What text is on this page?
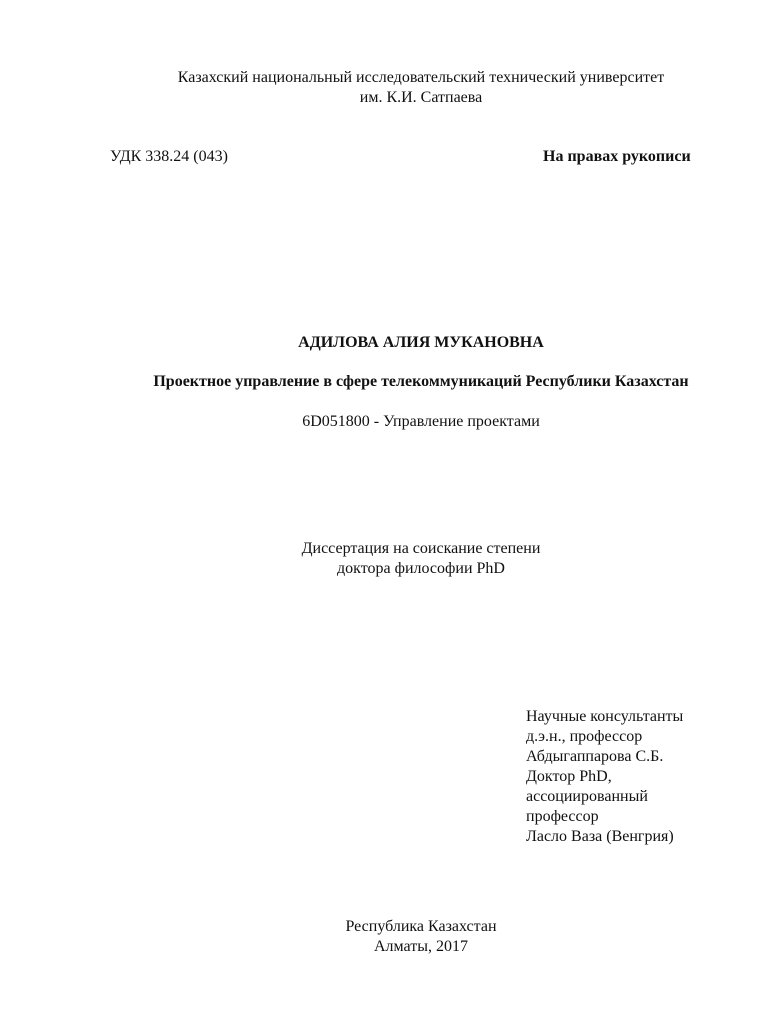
Казахский национальный исследовательский технический университет
им. К.И. Сатпаева
УДК 338.24 (043)	На правах рукописи
АДИЛОВА АЛИЯ МУКАНОВНА
Проектное управление в сфере телекоммуникаций Республики Казахстан
6D051800 - Управление проектами
Диссертация на соискание степени
доктора философии PhD
Научные консультанты
д.э.н., профессор
Абдыгаппарова С.Б.
Доктор PhD,
ассоциированный
профессор
Ласло Ваза (Венгрия)
Республика Казахстан
Алматы, 2017
